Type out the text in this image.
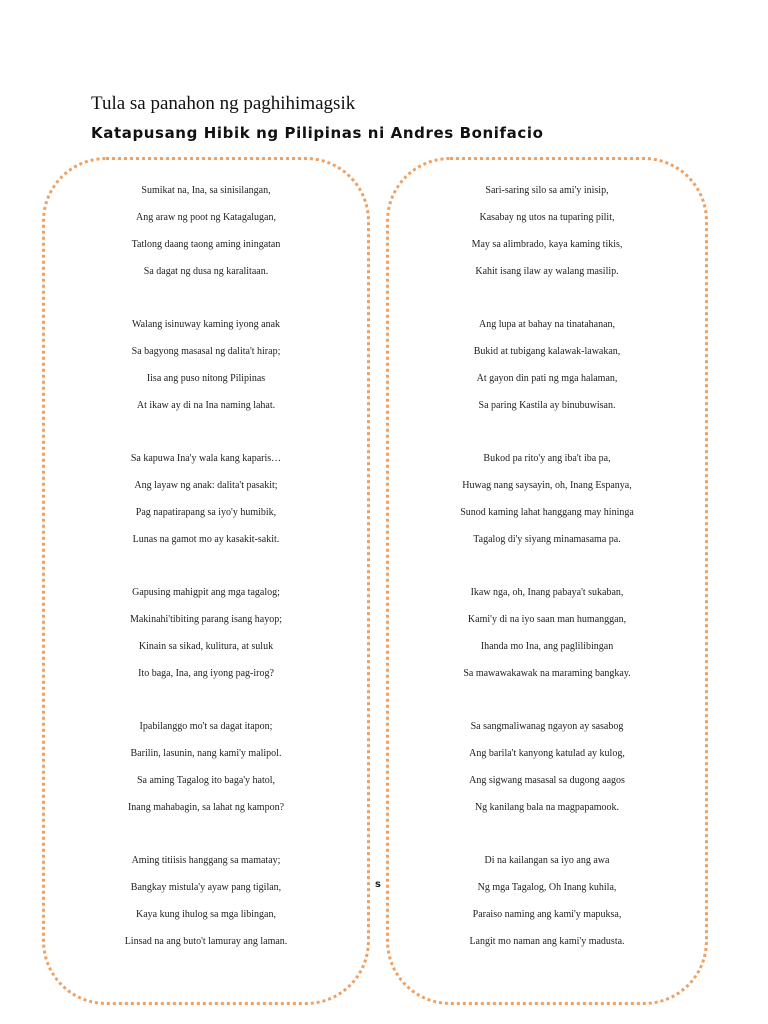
Tula sa panahon ng paghihimagsik
Katapusang Hibik ng Pilipinas ni Andres Bonifacio
Sumikat na, Ina, sa sinisilangan,
Ang araw ng poot ng Katagalugan,
Tatlong daang taong aming iningatan
Sa dagat ng dusa ng karalitaan.
Walang isinuway kaming iyong anak
Sa bagyong masasal ng dalita't hirap;
Iisa ang puso nitong Pilipinas
At ikaw ay di na Ina naming lahat.
Sa kapuwa Ina'y wala kang kaparis…
Ang layaw ng anak: dalita't pasakit;
Pag napatirapang sa iyo'y humibik,
Lunas na gamot mo ay kasakit-sakit.
Gapusing mahigpit ang mga tagalog;
Makinahi'tibiting parang isang hayop;
Kinain sa sikad, kulitura, at suluk
Ito baga, Ina, ang iyong pag-irog?
Ipabilanggo mo't sa dagat itapon;
Barilin, lasunin, nang kami'y malipol.
Sa aming Tagalog ito baga'y hatol,
Inang mahabagin, sa lahat ng kampon?
Aming titiisis hanggang sa mamatay;
Bangkay mistula'y ayaw pang tigilan,
Kaya kung ihulog sa mga libingan,
Linsad na ang buto't lamuray ang laman.
Sari-saring silo sa ami'y inisip,
Kasabay ng utos na tuparing pilit,
May sa alimbrado, kaya kaming tikis,
Kahit isang ilaw ay walang masilip.
Ang lupa at bahay na tinatahanan,
Bukid at tubigang kalawak-lawakan,
At gayon din pati ng mga halaman,
Sa paring Kastila ay binubuwisan.
Bukod pa rito'y ang iba't iba pa,
Huwag nang saysayin, oh, Inang Espanya,
Sunod kaming lahat hanggang may hininga
Tagalog di'y siyang minamasama pa.
Ikaw nga, oh, Inang pabaya't sukaban,
Kami'y di na iyo saan man humanggan,
Ihanda mo Ina, ang paglilibingan
Sa mawawakawak na maraming bangkay.
Sa sangmaliwanag ngayon ay sasabog
Ang barila't kanyong katulad ay kulog,
Ang sigwang masasal sa dugong aagos
Ng kanilang bala na magpapamook.
Di na kailangan sa iyo ang awa
Ng mga Tagalog, Oh Inang kuhila,
Paraiso naming ang kami'y mapuksa,
Langit mo naman ang kami'y madusta.
s
